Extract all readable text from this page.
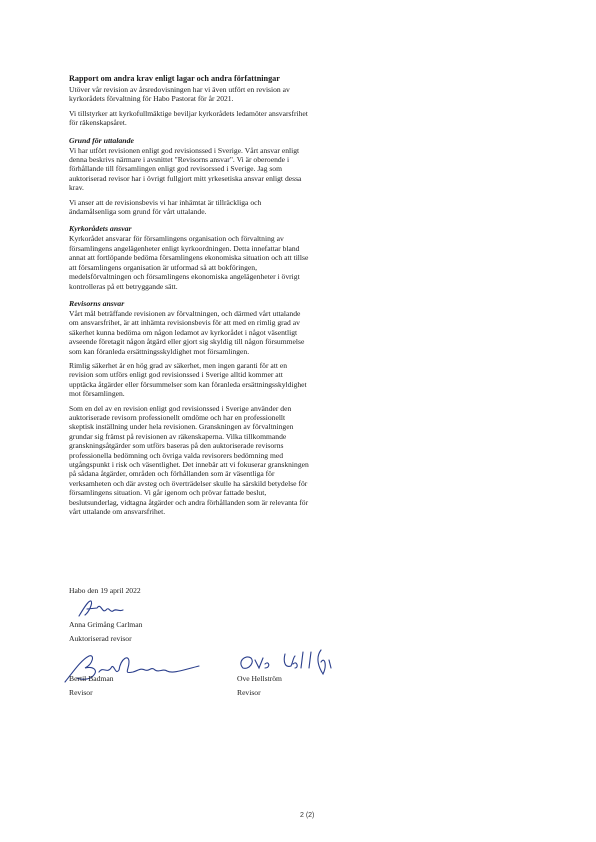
Rapport om andra krav enligt lagar och andra författningar

Utöver vår revision av årsredovisningen har vi även utfört en revision av kyrkorådets förvaltning för Habo Pastorat för år 2021.

Vi tillstyrker att kyrkofullmäktige beviljar kyrkorådets ledamöter ansvarsfrihet för räkenskapsåret.

Grund för uttalande

Vi har utfört revisionen enligt god revisionssed i Sverige. Vårt ansvar enligt denna beskrivs närmare i avsnittet "Revisorns ansvar". Vi är oberoende i förhållande till församlingen enligt god revisorssed i Sverige. Jag som auktoriserad revisor har i övrigt fullgjort mitt yrkesetiska ansvar enligt dessa krav.

Vi anser att de revisionsbevis vi har inhämtat är tillräckliga och ändamålsenliga som grund för vårt uttalande.

Kyrkorådets ansvar

Kyrkorådet ansvarar för församlingens organisation och förvaltning av församlingens angelägenheter enligt kyrkoordningen. Detta innefattar bland annat att fortlöpande bedöma församlingens ekonomiska situation och att tillse att församlingens organisation är utformad så att bokföringen, medelsförvaltningen och församlingens ekonomiska angelägenheter i övrigt kontrolleras på ett betryggande sätt.

Revisorns ansvar

Vårt mål beträffande revisionen av förvaltningen, och därmed vårt uttalande om ansvarsfrihet, är att inhämta revisionsbevis för att med en rimlig grad av säkerhet kunna bedöma om någon ledamot av kyrkorådet i något väsentligt avseende företagit någon åtgärd eller gjort sig skyldig till någon försummelse som kan föranleda ersättningsskyldighet mot församlingen.

Rimlig säkerhet är en hög grad av säkerhet, men ingen garanti för att en revision som utförs enligt god revisionssed i Sverige alltid kommer att upptäcka åtgärder eller försummelser som kan föranleda ersättningsskyldighet mot församlingen.

Som en del av en revision enligt god revisionssed i Sverige använder den auktoriserade revisorn professionellt omdöme och har en professionellt skeptisk inställning under hela revisionen. Granskningen av förvaltningen grundar sig främst på revisionen av räkenskaperna. Vilka tillkommande granskningsåtgärder som utförs baseras på den auktoriserade revisorns professionella bedömning och övriga valda revisorers bedömning med utgångspunkt i risk och väsentlighet. Det innebär att vi fokuserar granskningen på sådana åtgärder, områden och förhållanden som är väsentliga för verksamheten och där avsteg och överträdelser skulle ha särskild betydelse för församlingens situation. Vi går igenom och prövar fattade beslut, beslutsunderlag, vidtagna åtgärder och andra förhållanden som är relevanta för vårt uttalande om ansvarsfrihet.

Habo den 19 april 2022
Anna Grimång Carlman
Auktoriserad revisor
Bertil Badman
Revisor
Ove Hellström
Revisor
2 (2)
